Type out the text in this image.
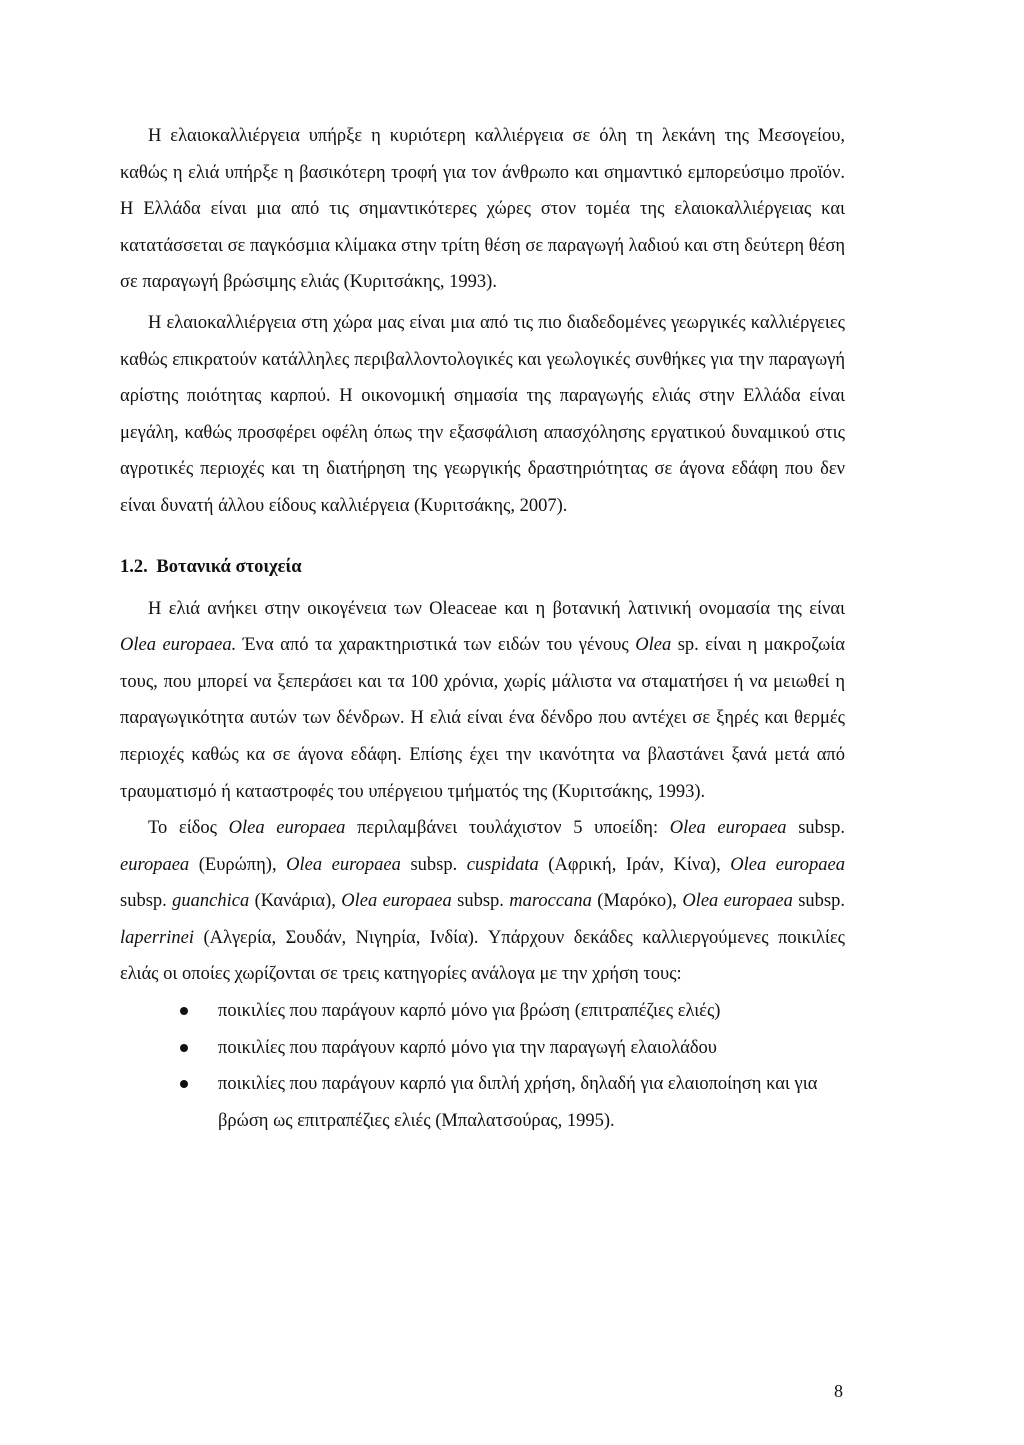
Η ελαιοκαλλιέργεια υπήρξε η κυριότερη καλλιέργεια σε όλη τη λεκάνη της Μεσογείου, καθώς η ελιά υπήρξε η βασικότερη τροφή για τον άνθρωπο και σημαντικό εμπορεύσιμο προϊόν. Η Ελλάδα είναι μια από τις σημαντικότερες χώρες στον τομέα της ελαιοκαλλιέργειας και κατατάσσεται σε παγκόσμια κλίμακα στην τρίτη θέση σε παραγωγή λαδιού και στη δεύτερη θέση σε παραγωγή βρώσιμης ελιάς (Κυριτσάκης, 1993).

Η ελαιοκαλλιέργεια στη χώρα μας είναι μια από τις πιο διαδεδομένες γεωργικές καλλιέργειες καθώς επικρατούν κατάλληλες περιβαλλοντολογικές και γεωλογικές συνθήκες για την παραγωγή αρίστης ποιότητας καρπού. Η οικονομική σημασία της παραγωγής ελιάς στην Ελλάδα είναι μεγάλη, καθώς προσφέρει οφέλη όπως την εξασφάλιση απασχόλησης εργατικού δυναμικού στις αγροτικές περιοχές και τη διατήρηση της γεωργικής δραστηριότητας σε άγονα εδάφη που δεν είναι δυνατή άλλου είδους καλλιέργεια (Κυριτσάκης, 2007).

1.2. Βοτανικά στοιχεία

Η ελιά ανήκει στην οικογένεια των Oleaceae και η βοτανική λατινική ονομασία της είναι Olea europaea. Ένα από τα χαρακτηριστικά των ειδών του γένους Olea sp. είναι η μακροζωία τους, που μπορεί να ξεπεράσει και τα 100 χρόνια, χωρίς μάλιστα να σταματήσει ή να μειωθεί η παραγωγικότητα αυτών των δένδρων. Η ελιά είναι ένα δένδρο που αντέχει σε ξηρές και θερμές περιοχές καθώς κα σε άγονα εδάφη. Επίσης έχει την ικανότητα να βλαστάνει ξανά μετά από τραυματισμό ή καταστροφές του υπέργειου τμήματός της (Κυριτσάκης, 1993).

Το είδος Olea europaea περιλαμβάνει τουλάχιστον 5 υποείδη: Olea europaea subsp. europaea (Ευρώπη), Olea europaea subsp. cuspidata (Αφρική, Ιράν, Κίνα), Olea europaea subsp. guanchica (Κανάρια), Olea europaea subsp. maroccana (Μαρόκο), Olea europaea subsp. laperrinei (Αλγερία, Σουδάν, Νιγηρία, Ινδία). Υπάρχουν δεκάδες καλλιεργούμενες ποικιλίες ελιάς οι οποίες χωρίζονται σε τρεις κατηγορίες ανάλογα με την χρήση τους:

ποικιλίες που παράγουν καρπό μόνο για βρώση (επιτραπέζιες ελιές)
ποικιλίες που παράγουν καρπό μόνο για την παραγωγή ελαιολάδου
ποικιλίες που παράγουν καρπό για διπλή χρήση, δηλαδή για ελαιοποίηση και για βρώση ως επιτραπέζιες ελιές (Μπαλατσούρας, 1995).
8
